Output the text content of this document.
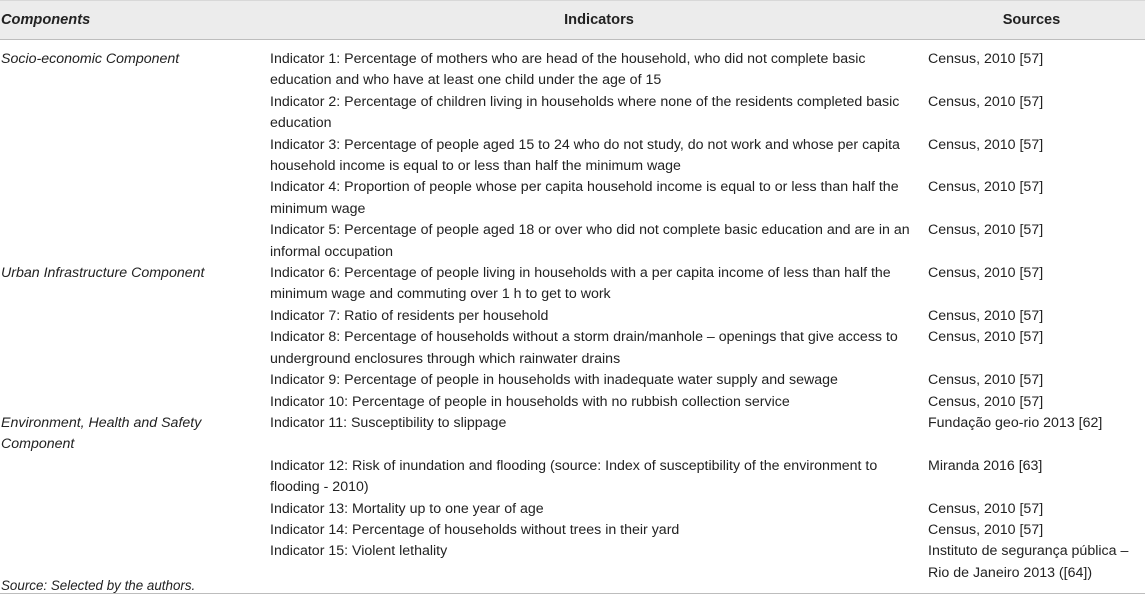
Components	Indicators	Sources
Socio-economic Component	Indicator 1: Percentage of mothers who are head of the household, who did not complete basic education and who have at least one child under the age of 15	Census, 2010 [57]
	Indicator 2: Percentage of children living in households where none of the residents completed basic education	Census, 2010 [57]
	Indicator 3: Percentage of people aged 15 to 24 who do not study, do not work and whose per capita household income is equal to or less than half the minimum wage	Census, 2010 [57]
	Indicator 4: Proportion of people whose per capita household income is equal to or less than half the minimum wage	Census, 2010 [57]
	Indicator 5: Percentage of people aged 18 or over who did not complete basic education and are in an informal occupation	Census, 2010 [57]
Urban Infrastructure Component	Indicator 6: Percentage of people living in households with a per capita income of less than half the minimum wage and commuting over 1 h to get to work	Census, 2010 [57]
	Indicator 7: Ratio of residents per household	Census, 2010 [57]
	Indicator 8: Percentage of households without a storm drain/manhole – openings that give access to underground enclosures through which rainwater drains	Census, 2010 [57]
	Indicator 9: Percentage of people in households with inadequate water supply and sewage	Census, 2010 [57]
	Indicator 10: Percentage of people in households with no rubbish collection service	Census, 2010 [57]
Environment, Health and Safety Component	Indicator 11: Susceptibility to slippage	Fundação geo-rio 2013 [62]
	Indicator 12: Risk of inundation and flooding (source: Index of susceptibility of the environment to flooding - 2010)	Miranda 2016 [63]
	Indicator 13: Mortality up to one year of age	Census, 2010 [57]
	Indicator 14: Percentage of households without trees in their yard	Census, 2010 [57]
	Indicator 15: Violent lethality	Instituto de segurança pública – Rio de Janeiro 2013 ([64])
Source: Selected by the authors.
